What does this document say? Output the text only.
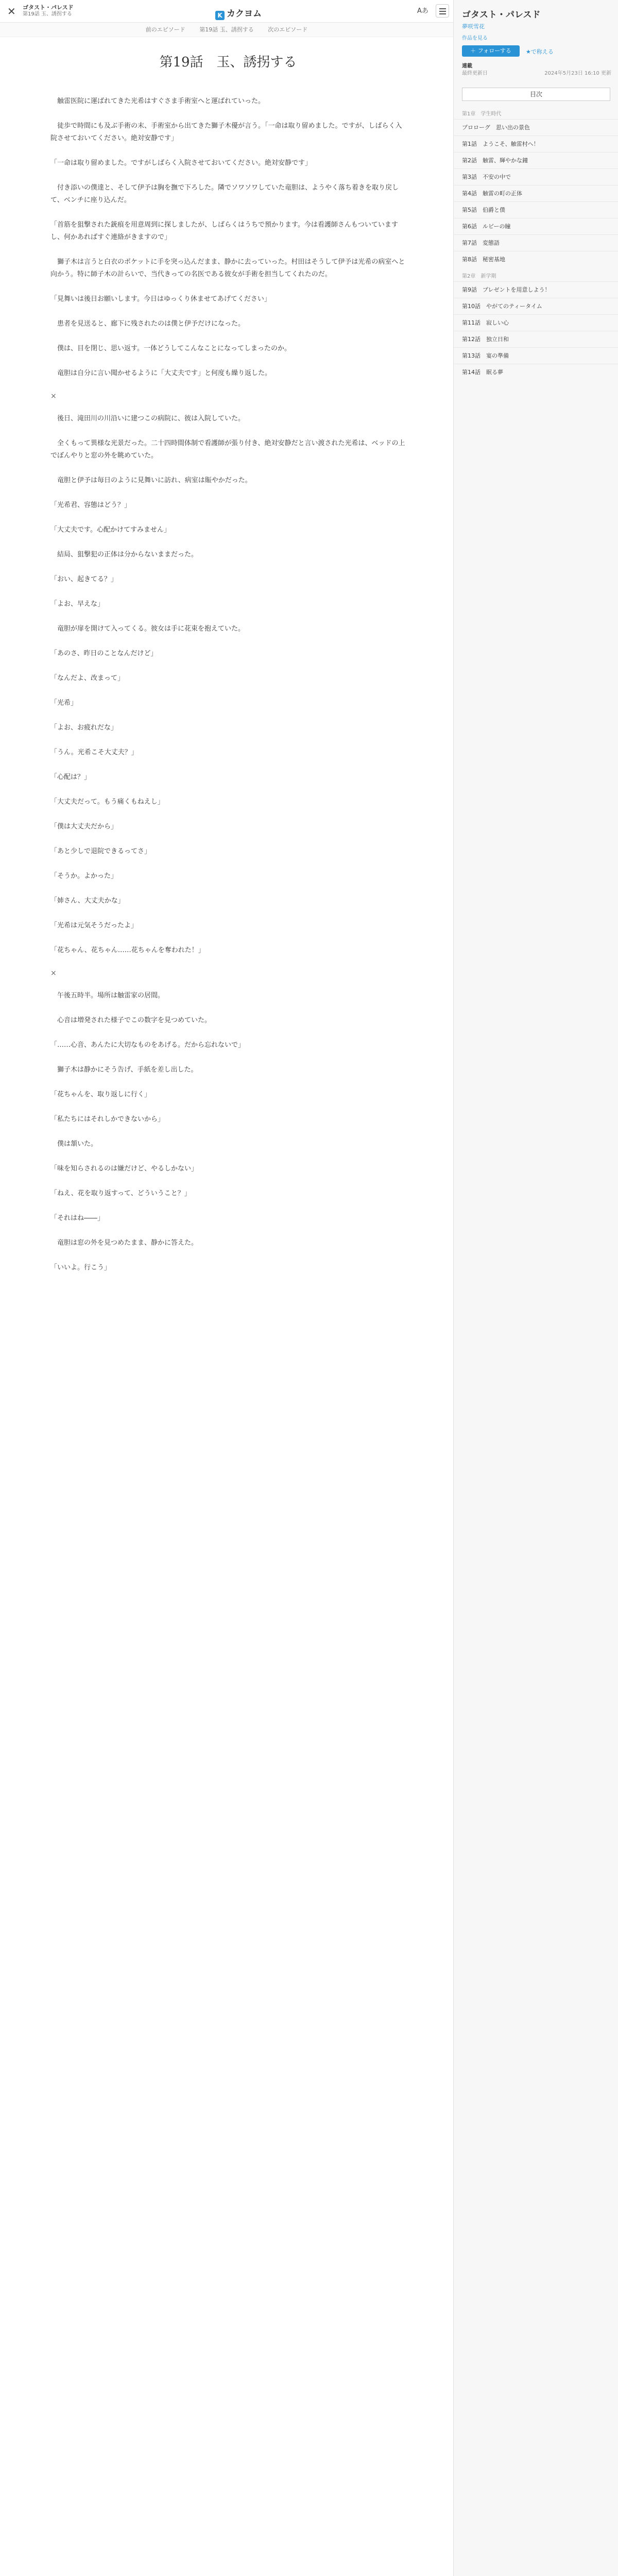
✕ ゴタスト・パレスド
第19話 玉、誘拐する	K カクヨム	Aあ
前のエピソード	第19話 玉、誘拐する	次のエピソード
第19話　玉、誘拐する
　触雷医院に運ばれてきた光希はすぐさま手術室へと運ばれていった。
　徒歩で時間にも及ぶ手術の末、手術室から出てきた獅子木優が言う。「一命は取り留めました。ですが、しばらく入院させておいてください。絶対安静です」
「一命は取り留めました。ですがしばらく入院させておいてください。絶対安静です」
　付き添いの僕達と、そして伊予は胸を撫で下ろした。隣でソワソワしていた竜胆は、ようやく落ち着きを取り戻して、ベンチに座り込んだ。
「首筋を狙撃された銃痕を用意周到に探しましたが、しばらくはうちで預かります。今は看護師さんもついていますし、何かあればすぐ連絡がきますので」
　獅子木は言うと白衣のポケットに手を突っ込んだまま、静かに去っていった。村田はそうして伊予は光希の病室へと向かう。特に師子木の計らいで、当代きっての名医である彼女が手術を担当してくれたのだ。
「見舞いは後日お願いします。今日はゆっくり休ませてあげてください」
　患者を見送ると、廊下に残されたのは僕と伊予だけになった。
　僕は、目を閉じ、思い返す。一体どうしてこんなことになってしまったのか。
　竜胆は自分に言い聞かせるように「大丈夫です」と何度も繰り返した。
×
　後日、滝田川の川沿いに建つこの病院に、彼は入院していた。
　全くもって異様な光景だった。二十四時間体制で看護師が張り付き、絶対安静だと言い渡された光希は、ベッドの上でぼんやりと窓の外を眺めていた。
　竜胆と伊予は毎日のように見舞いに訪れ、病室は賑やかだった。
「光希君、容態はどう？」
「大丈夫です。心配かけてすみません」
　結局、狙撃犯の正体は分からないままだった。
「おい、起きてる？」
「よお、早えな」
　竜胆が扉を開けて入ってくる。彼女は手に花束を抱えていた。
「あのさ、昨日のことなんだけど」
「なんだよ、改まって」
「光希」
「よお、お疲れだな」
「うん。光希こそ大丈夫？」
「心配は？」
「大丈夫だって。もう痛くもねえし」
「僕は大丈夫だから」
「あと少しで退院できるってさ」
「そうか。よかった」
「姉さん、大丈夫かな」
「光希は元気そうだったよ」
「花ちゃん、花ちゃん……花ちゃんを奪われた！」
×
　午後五時半。場所は触雷家の居間。
　心音は増発された様子でこの数字を見つめていた。
「……心音、あんたに大切なものをあげる。だから忘れないで」
　獅子木は静かにそう告げ、手紙を差し出した。
「花ちゃんを、取り返しに行く」
「私たちにはそれしかできないから」
　僕は頷いた。
「味を知らされるのは嫌だけど、やるしかない」
「ねえ、花を取り返すって、どういうこと？」
「それはね――」
　竜胆は窓の外を見つめたまま、静かに答えた。
「いいよ。行こう」
ゴタスト・パレスド
夢咲雪花
作品を見る
＋ フォローする	★で称える
連載
最終更新日	2024年5月23日 16:10 更新
目次
第1章　学生時代
プロローグ　思い出の景色
第1話　ようこそ、触雷村へ！
第2話　触雷、輝やかな鐘
第3話　不安の中で
第4話　触雷の町の正体
第5話　伯爵と僕
第6話　ルビーの瞳
第7話　変態語
第8話　秘密基地
第2章　新学期
第9話　プレゼントを用意しよう！
第10話　やがてのティータイム
第11話　寂しい心
第12話　独立日和
第13話　宴の準備
第14話　眠る夢
